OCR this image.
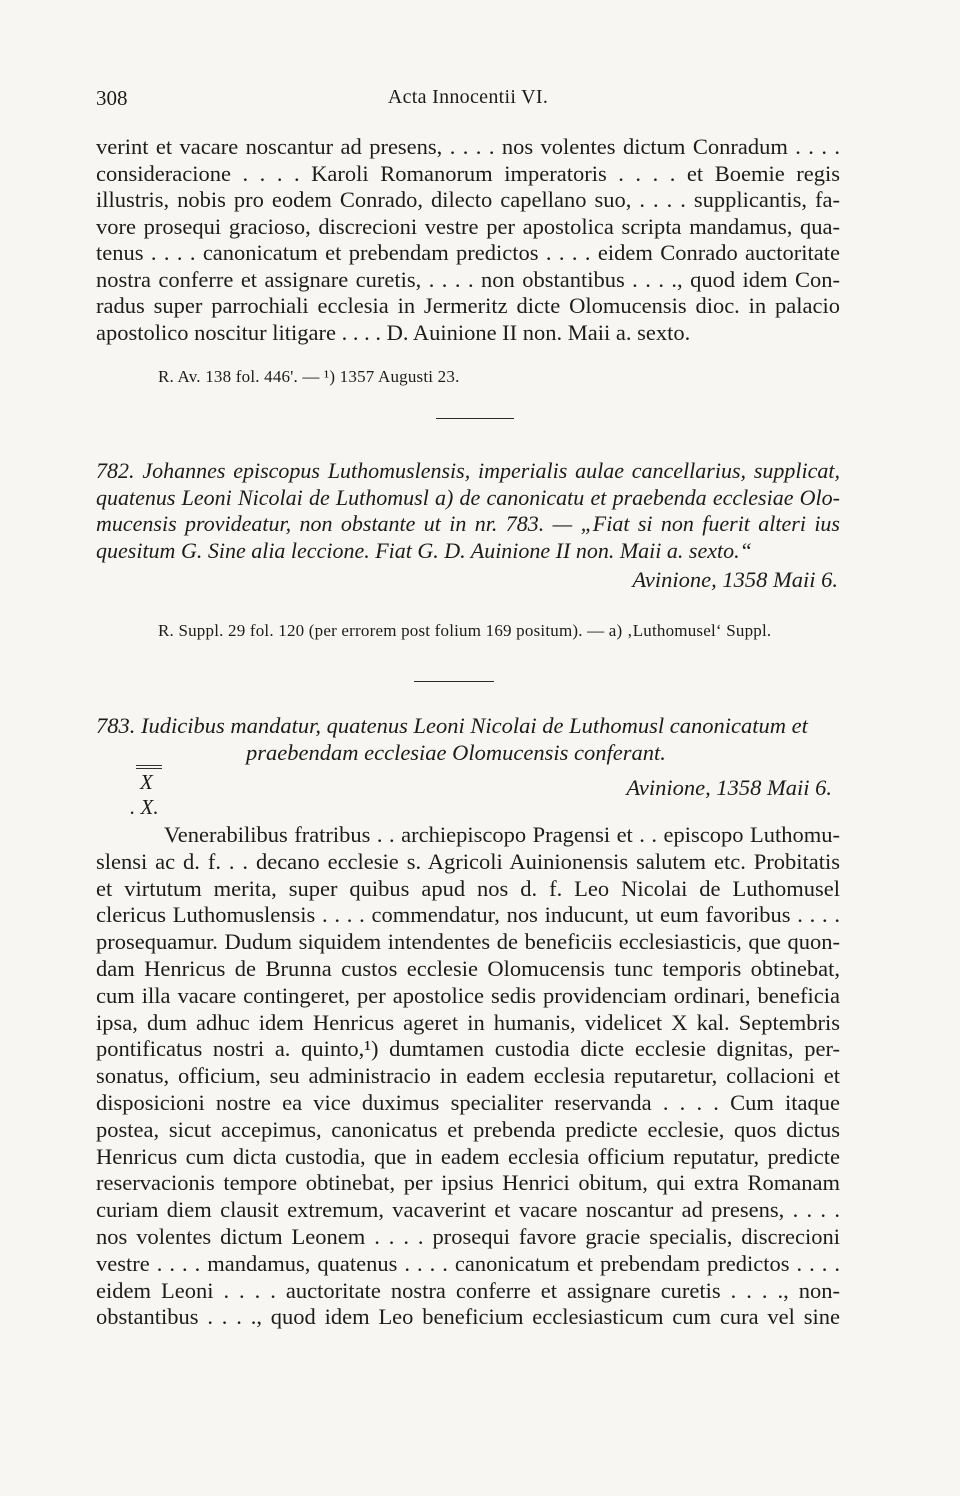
308	Acta Innocentii VI.
verint et vacare noscantur ad presens, . . . . nos volentes dictum Conradum . . . .
consideracione . . . . Karoli Romanorum imperatoris . . . . et Boemie regis
illustris, nobis pro eodem Conrado, dilecto capellano suo, . . . . supplicantis, fa-
vore prosequi gracioso, discrecioni vestre per apostolica scripta mandamus, qua-
tenus . . . . canonicatum et prebendam predictos . . . . eidem Conrado auctoritate
nostra conferre et assignare curetis, . . . . non obstantibus . . . ., quod idem Con-
radus super parrochiali ecclesia in Jermeritz dicte Olomucensis dioc. in palacio
apostolico noscitur litigare . . . . D. Auinione II non. Maii a. sexto.
R. Av. 138 fol. 446'. — ¹) 1357 Augusti 23.
782. Johannes episcopus Luthomuslensis, imperialis aulae cancellarius, supplicat,
quatenus Leoni Nicolai de Luthomusl a) de canonicatu et praebenda ecclesiae Olo-
mucensis provideatur, non obstante ut in nr. 783. — „Fiat si non fuerit alteri ius
quesitum G. Sine alia leccione. Fiat G. D. Auinione II non. Maii a. sexto.“
Avinione, 1358 Maii 6.
R. Suppl. 29 fol. 120 (per errorem post folium 169 positum). — a) ‚Luthomusel‘ Suppl.
783. Iudicibus mandatur, quatenus Leoni Nicolai de Luthomusl canonicatum et
praebendam ecclesiae Olomucensis conferant.
X
. X.
Avinione, 1358 Maii 6.
Venerabilibus fratribus . . archiepiscopo Pragensi et . . episcopo Luthomu-
slensi ac d. f. . . decano ecclesie s. Agricoli Auinionensis salutem etc. Probitatis
et virtutum merita, super quibus apud nos d. f. Leo Nicolai de Luthomusel
clericus Luthomuslensis . . . . commendatur, nos inducunt, ut eum favoribus . . . .
prosequamur. Dudum siquidem intendentes de beneficiis ecclesiasticis, que quon-
dam Henricus de Brunna custos ecclesie Olomucensis tunc temporis obtinebat,
cum illa vacare contingeret, per apostolice sedis providenciam ordinari, beneficia
ipsa, dum adhuc idem Henricus ageret in humanis, videlicet X kal. Septembris
pontificatus nostri a. quinto,¹) dumtamen custodia dicte ecclesie dignitas, per-
sonatus, officium, seu administracio in eadem ecclesia reputaretur, collacioni et
disposicioni nostre ea vice duximus specialiter reservanda . . . . Cum itaque
postea, sicut accepimus, canonicatus et prebenda predicte ecclesie, quos dictus
Henricus cum dicta custodia, que in eadem ecclesia officium reputatur, predicte
reservacionis tempore obtinebat, per ipsius Henrici obitum, qui extra Romanam
curiam diem clausit extremum, vacaverint et vacare noscantur ad presens, . . . .
nos volentes dictum Leonem . . . . prosequi favore gracie specialis, discrecioni
vestre . . . . mandamus, quatenus . . . . canonicatum et prebendam predictos . . . .
eidem Leoni . . . . auctoritate nostra conferre et assignare curetis . . . ., non-
obstantibus . . . ., quod idem Leo beneficium ecclesiasticum cum cura vel sine
